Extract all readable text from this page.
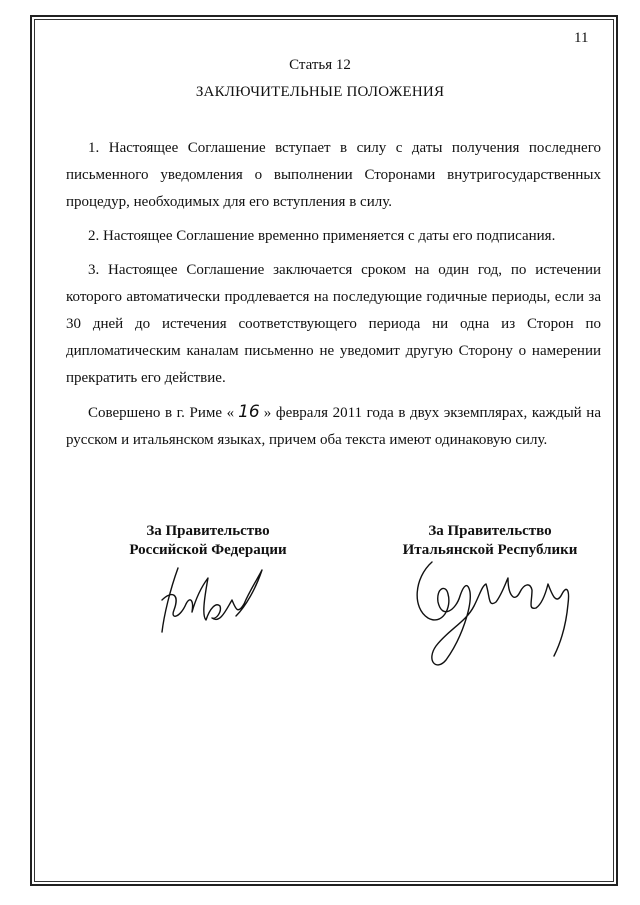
11
Статья 12
ЗАКЛЮЧИТЕЛЬНЫЕ ПОЛОЖЕНИЯ

1. Настоящее Соглашение вступает в силу с даты получения последнего письменного уведомления о выполнении Сторонами внутригосударственных процедур, необходимых для его вступления в силу.

2. Настоящее Соглашение временно применяется с даты его подписания.

3. Настоящее Соглашение заключается сроком на один год, по истечении которого автоматически продлевается на последующие годичные периоды, если за 30 дней до истечения соответствующего периода ни одна из Сторон по дипломатическим каналам письменно не уведомит другую Сторону о намерении прекратить его действие.

Совершено в г. Риме « 16 » февраля 2011 года в двух экземплярах, каждый на русском и итальянском языках, причем оба текста имеют одинаковую силу.

За Правительство
Российской Федерации
За Правительство
Итальянской Республики
